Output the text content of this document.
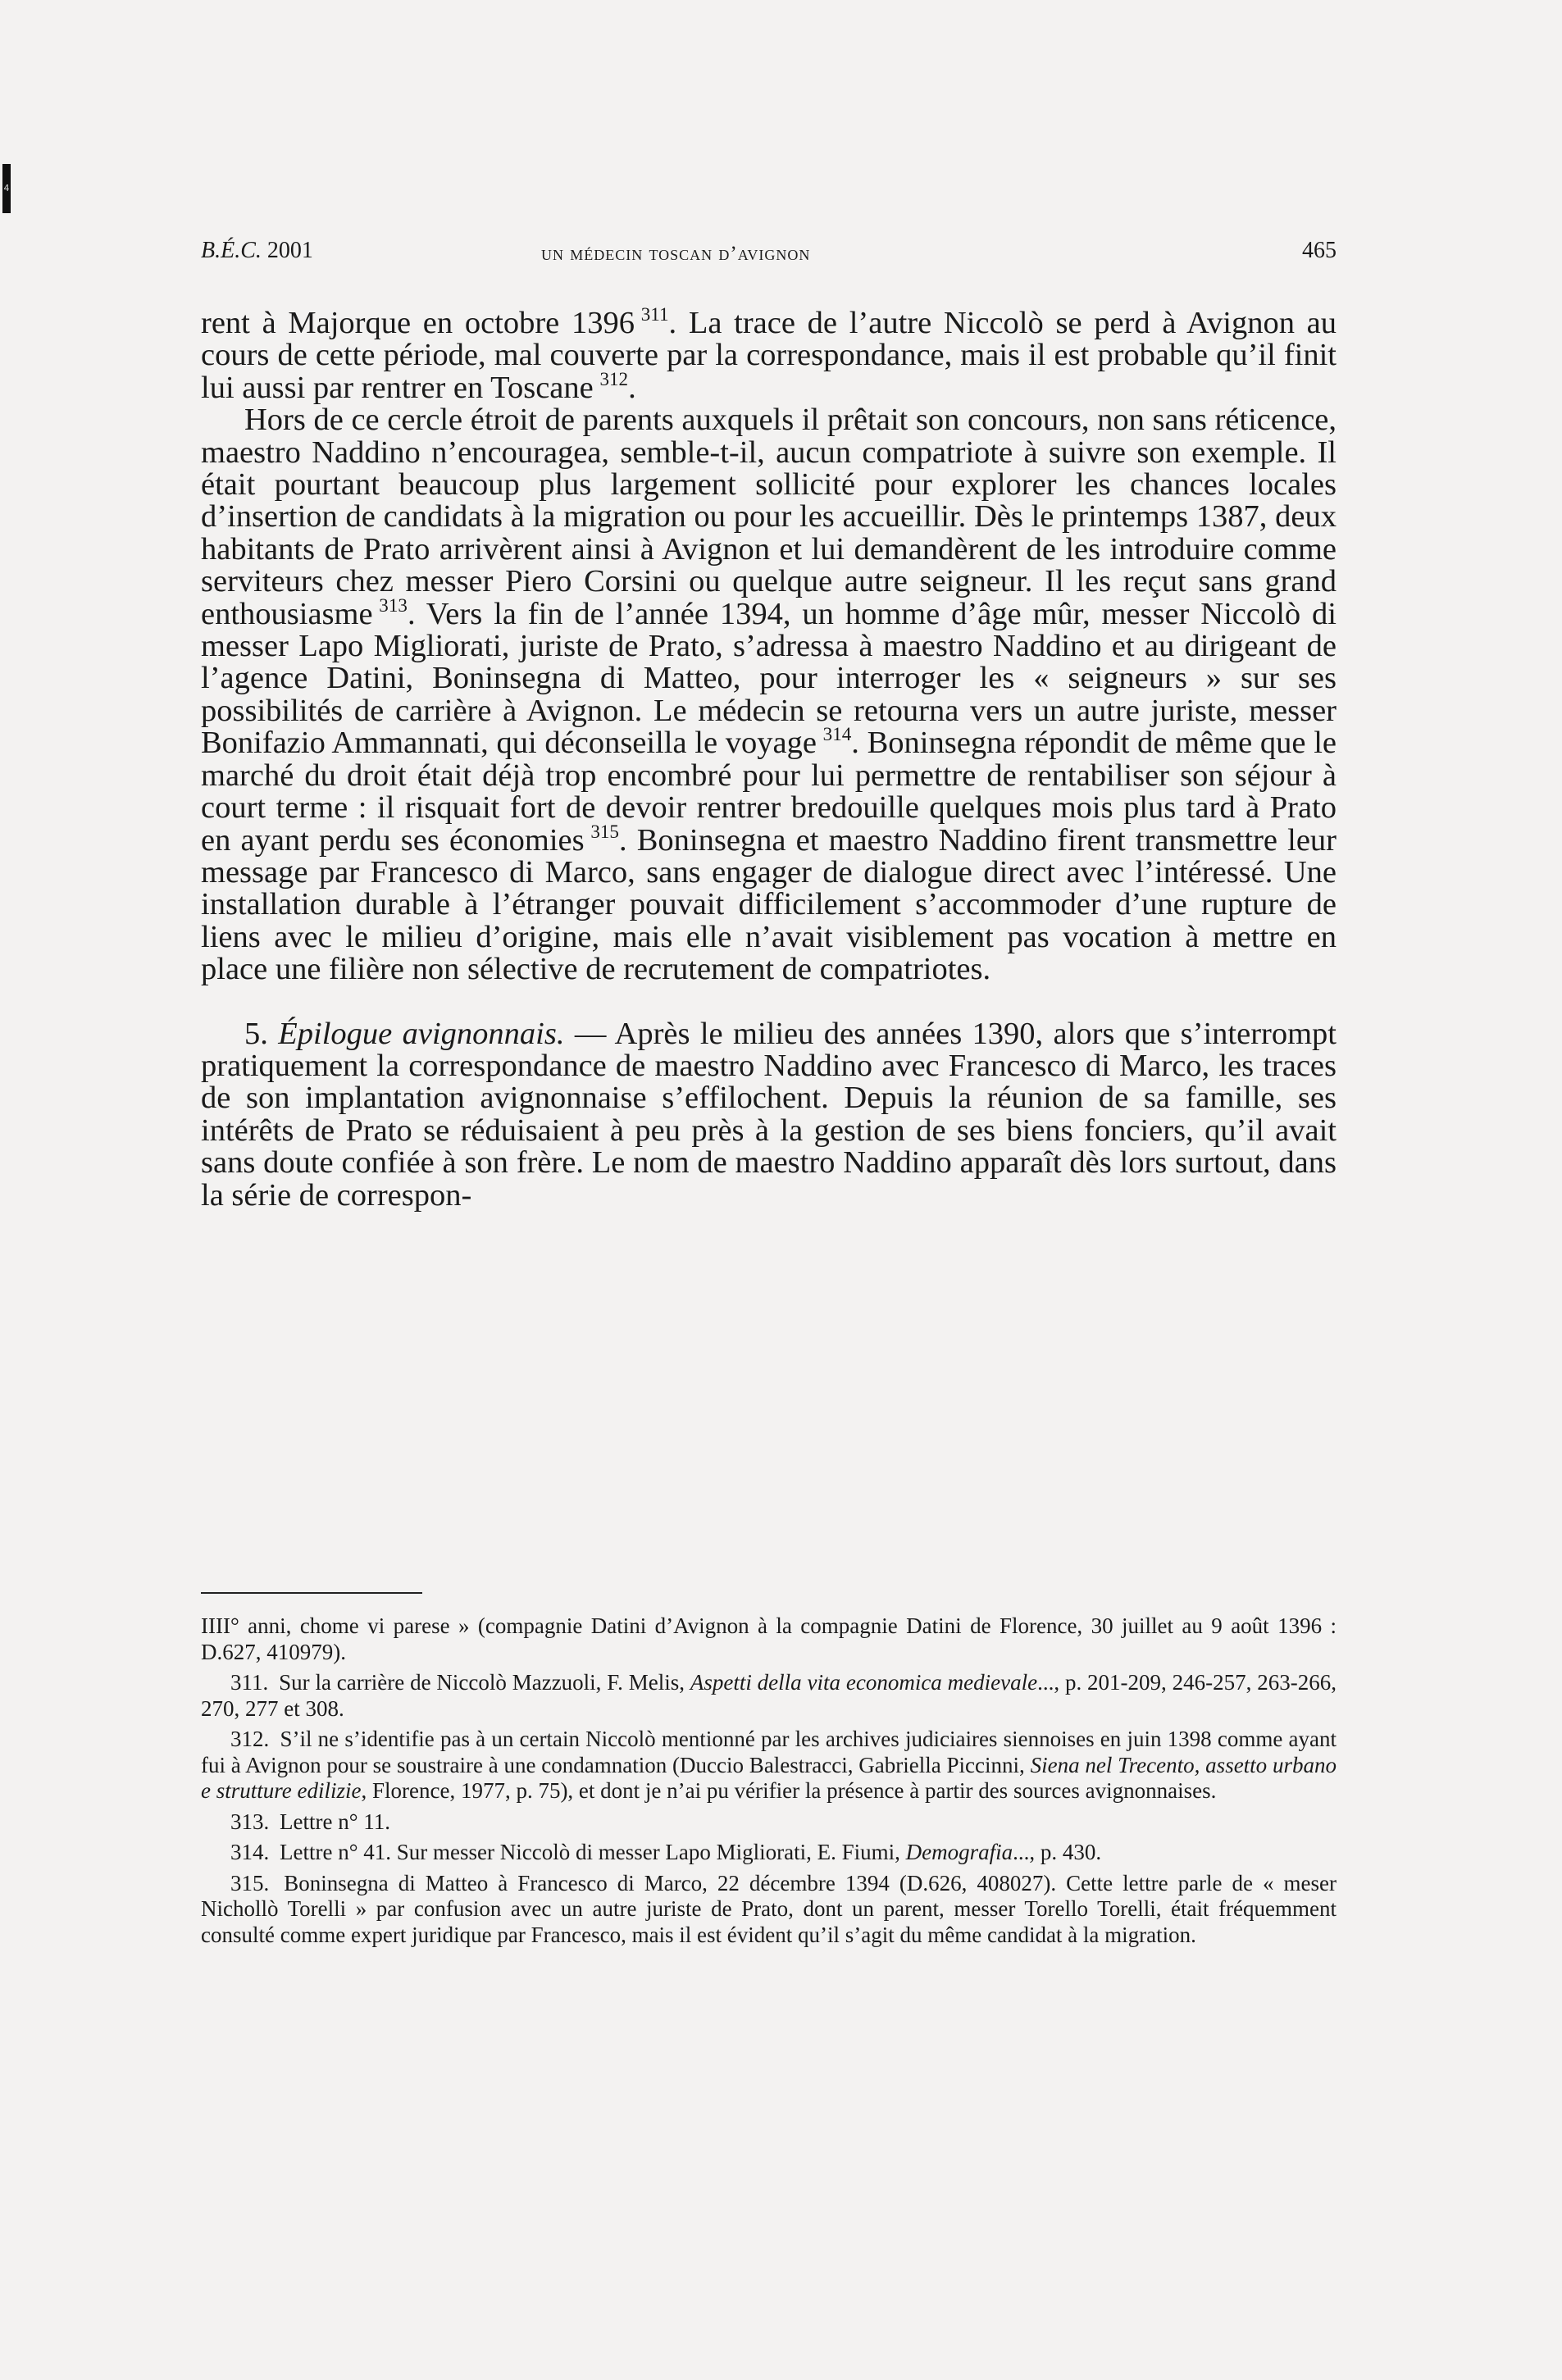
4
B.É.C. 2001	un médecin toscan d’avignon	465

rent à Majorque en octobre 1396  $^{311}$. La trace de l’autre Niccolò se perd à Avignon au cours de cette période, mal couverte par la correspondance, mais il est probable qu’il finit lui aussi par rentrer en Toscane  $^{312}$.

Hors de ce cercle étroit de parents auxquels il prêtait son concours, non sans réticence, maestro Naddino n’encouragea, semble-t-il, aucun compatriote à suivre son exemple. Il était pourtant beaucoup plus largement sollicité pour explorer les chances locales d’insertion de candidats à la migration ou pour les accueillir. Dès le printemps 1387, deux habitants de Prato arrivèrent ainsi à Avignon et lui demandèrent de les introduire comme serviteurs chez messer Piero Corsini ou quelque autre seigneur. Il les reçut sans grand enthousiasme  $^{313}$. Vers la fin de l’année 1394, un homme d’âge mûr, messer Niccolò di messer Lapo Migliorati, juriste de Prato, s’adressa à maestro Naddino et au dirigeant de l’agence Datini, Boninsegna di Matteo, pour interroger les « seigneurs » sur ses possibilités de carrière à Avignon. Le médecin se retourna vers un autre juriste, messer Bonifazio Ammannati, qui déconseilla le voyage  $^{314}$. Boninsegna répondit de même que le marché du droit était déjà trop encombré pour lui permettre de rentabiliser son séjour à court terme : il risquait fort de devoir rentrer bredouille quelques mois plus tard à Prato en ayant perdu ses économies  $^{315}$. Boninsegna et maestro Naddino firent transmettre leur message par Francesco di Marco, sans engager de dialogue direct avec l’intéressé. Une installation durable à l’étranger pouvait difficilement s’accommoder d’une rupture de liens avec le milieu d’origine, mais elle n’avait visiblement pas vocation à mettre en place une filière non sélective de recrutement de compatriotes.

5. Épilogue avignonnais. — Après le milieu des années 1390, alors que s’interrompt pratiquement la correspondance de maestro Naddino avec Francesco di Marco, les traces de son implantation avignonnaise s’effilochent. Depuis la réunion de sa famille, ses intérêts de Prato se réduisaient à peu près à la gestion de ses biens fonciers, qu’il avait sans doute confiée à son frère. Le nom de maestro Naddino apparaît dès lors surtout, dans la série de correspon-

IIII° anni, chome vi parese » (compagnie Datini d’Avignon à la compagnie Datini de Florence, 30 juillet au 9 août 1396 : D.627, 410979).

311. Sur la carrière de Niccolò Mazzuoli, F. Melis, Aspetti della vita economica medievale..., p. 201-209, 246-257, 263-266, 270, 277 et 308.

312. S’il ne s’identifie pas à un certain Niccolò mentionné par les archives judiciaires siennoises en juin 1398 comme ayant fui à Avignon pour se soustraire à une condamnation (Duccio Balestracci, Gabriella Piccinni, Siena nel Trecento, assetto urbano e strutture edilizie, Florence, 1977, p. 75), et dont je n’ai pu vérifier la présence à partir des sources avignonnaises.

313. Lettre n° 11.

314. Lettre n° 41. Sur messer Niccolò di messer Lapo Migliorati, E. Fiumi, Demografia..., p. 430.

315. Boninsegna di Matteo à Francesco di Marco, 22 décembre 1394 (D.626, 408027). Cette lettre parle de « meser Nichollò Torelli » par confusion avec un autre juriste de Prato, dont un parent, messer Torello Torelli, était fréquemment consulté comme expert juridique par Francesco, mais il est évident qu’il s’agit du même candidat à la migration.
